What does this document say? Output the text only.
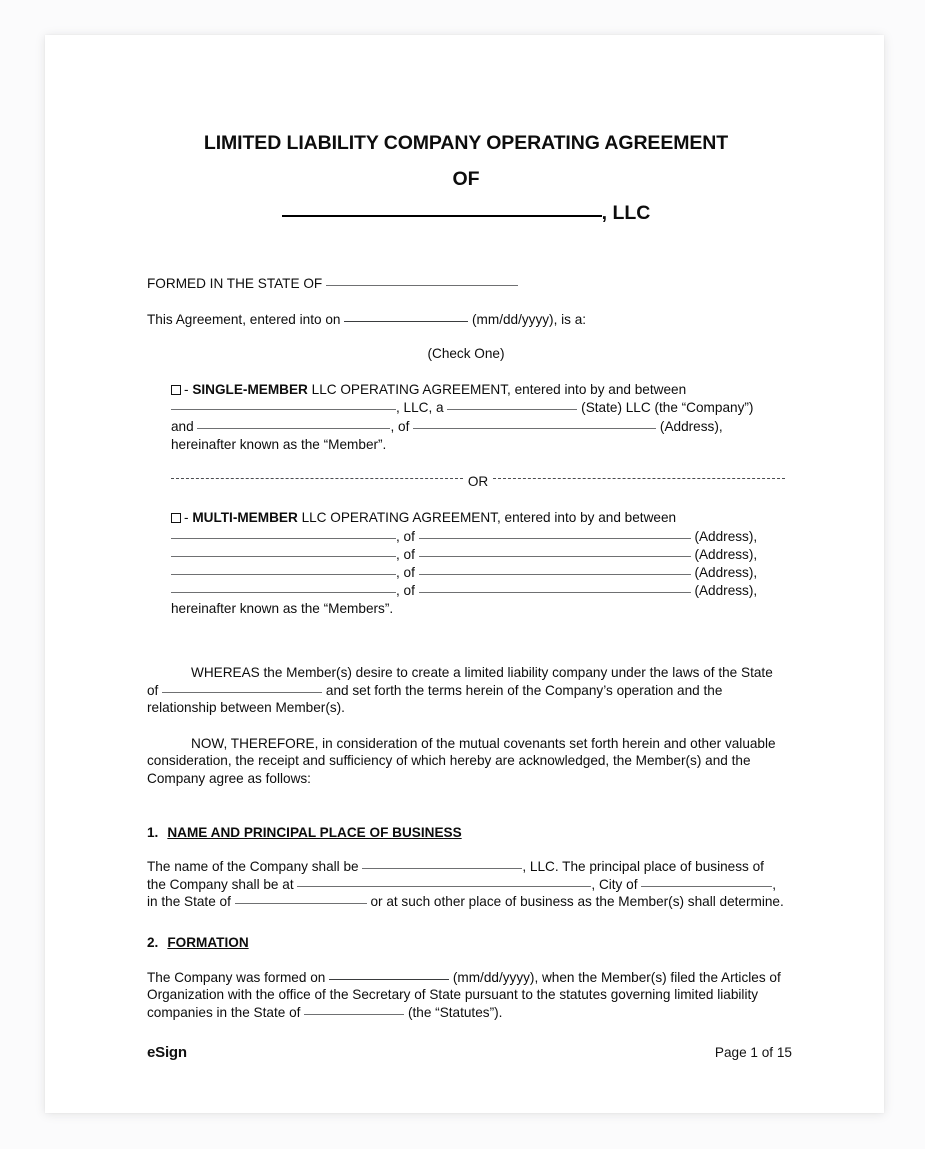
LIMITED LIABILITY COMPANY OPERATING AGREEMENT
OF
, LLC
FORMED IN THE STATE OF
This Agreement, entered into on	(mm/dd/yyyy), is a:
(Check One)
- SINGLE-MEMBER LLC OPERATING AGREEMENT, entered into by and between
, LLC, a	(State) LLC (the “Company”)
and	, of	(Address),
hereinafter known as the “Member”.
OR
- MULTI-MEMBER LLC OPERATING AGREEMENT, entered into by and between
, of	(Address),
, of	(Address),
, of	(Address),
, of	(Address),
hereinafter known as the “Members”.
WHEREAS the Member(s) desire to create a limited liability company under the laws of the State of	and set forth the terms herein of the Company’s operation and the relationship between Member(s).
NOW, THEREFORE, in consideration of the mutual covenants set forth herein and other valuable consideration, the receipt and sufficiency of which hereby are acknowledged, the Member(s) and the Company agree as follows:
1. NAME AND PRINCIPAL PLACE OF BUSINESS
The name of the Company shall be	, LLC. The principal place of business of the Company shall be at	, City of	, in the State of	or at such other place of business as the Member(s) shall determine.
2. FORMATION
The Company was formed on	(mm/dd/yyyy), when the Member(s) filed the Articles of Organization with the office of the Secretary of State pursuant to the statutes governing limited liability companies in the State of	(the “Statutes”).
eSign	Page 1 of 15
